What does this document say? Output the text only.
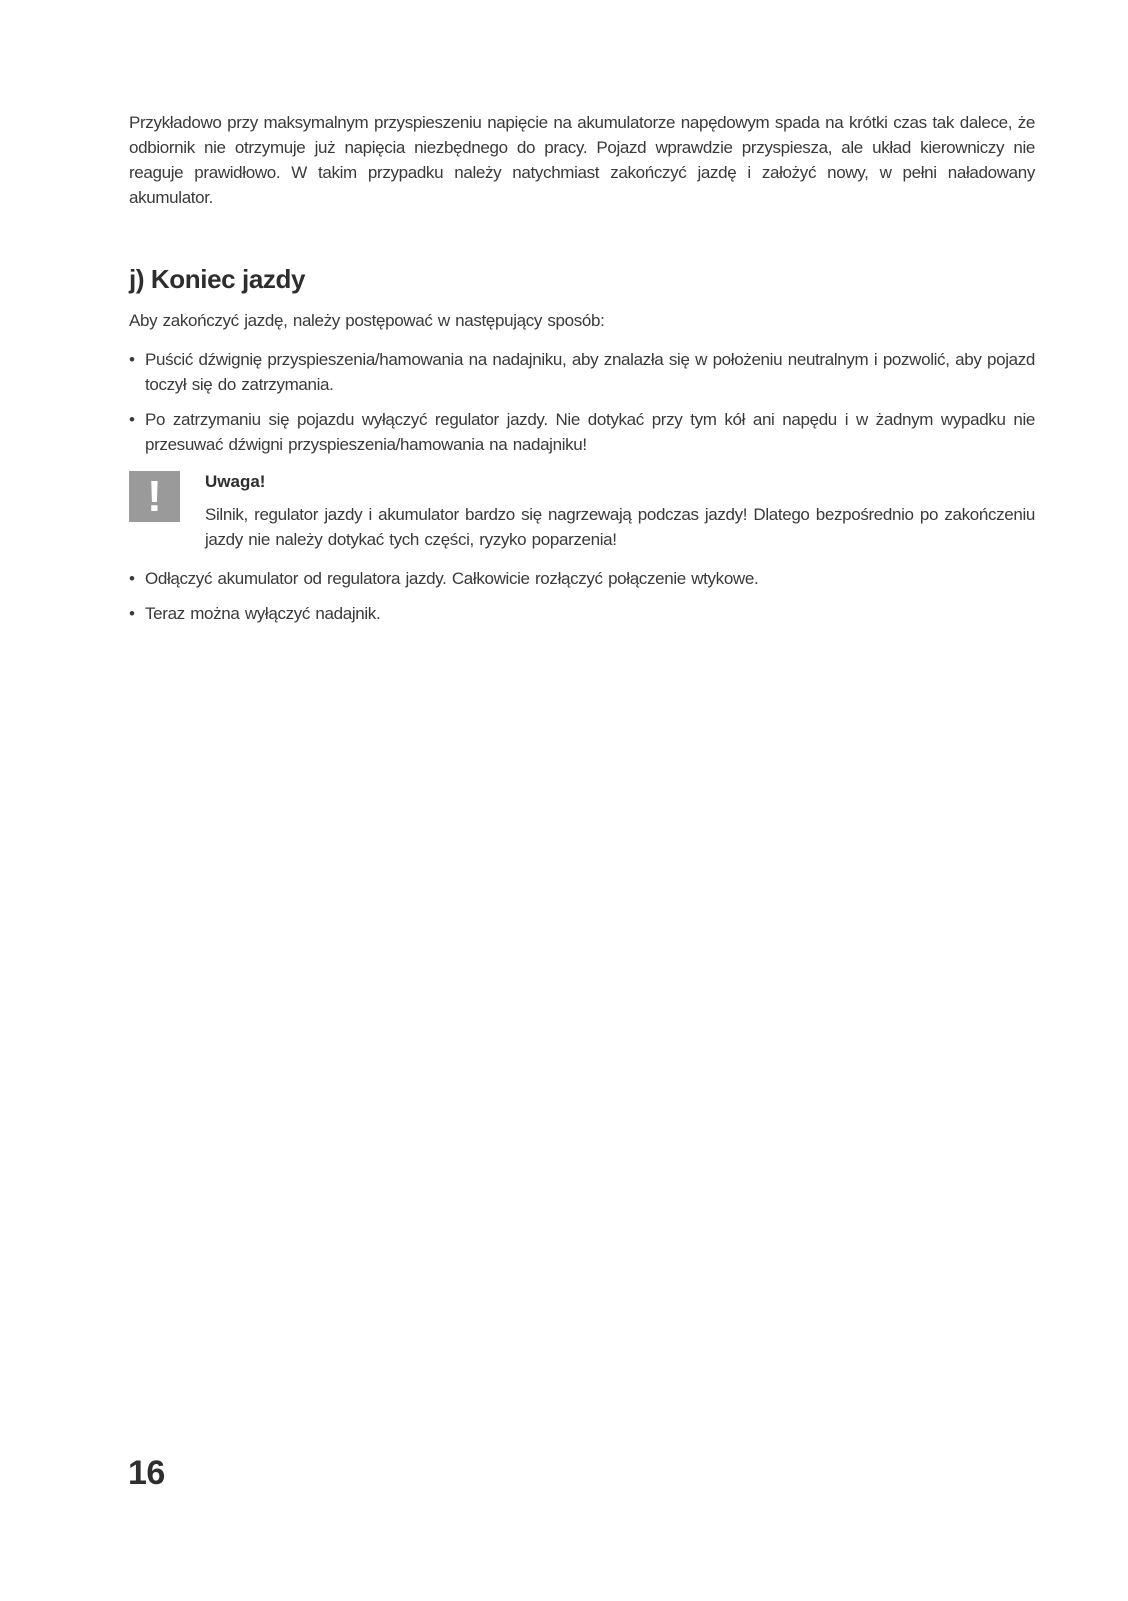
Przykładowo przy maksymalnym przyspieszeniu napięcie na akumulatorze napędowym spada na krótki czas tak dalece, że odbiornik nie otrzymuje już napięcia niezbędnego do pracy. Pojazd wprawdzie przyspiesza, ale układ kierowniczy nie reaguje prawidłowo. W takim przypadku należy natychmiast zakończyć jazdę i założyć nowy, w pełni naładowany akumulator.

j) Koniec jazdy

Aby zakończyć jazdę, należy postępować w następujący sposób:

• Puścić dźwignię przyspieszenia/hamowania na nadajniku, aby znalazła się w położeniu neutralnym i pozwolić, aby pojazd toczył się do zatrzymania.
• Po zatrzymaniu się pojazdu wyłączyć regulator jazdy. Nie dotykać przy tym kół ani napędu i w żadnym wypadku nie przesuwać dźwigni przyspieszenia/hamowania na nadajniku!
!	Uwaga!

Silnik, regulator jazdy i akumulator bardzo się nagrzewają podczas jazdy! Dlatego bezpośrednio po zakończeniu jazdy nie należy dotykać tych części, ryzyko poparzenia!

• Odłączyć akumulator od regulatora jazdy. Całkowicie rozłączyć połączenie wtykowe.
• Teraz można wyłączyć nadajnik.
16
